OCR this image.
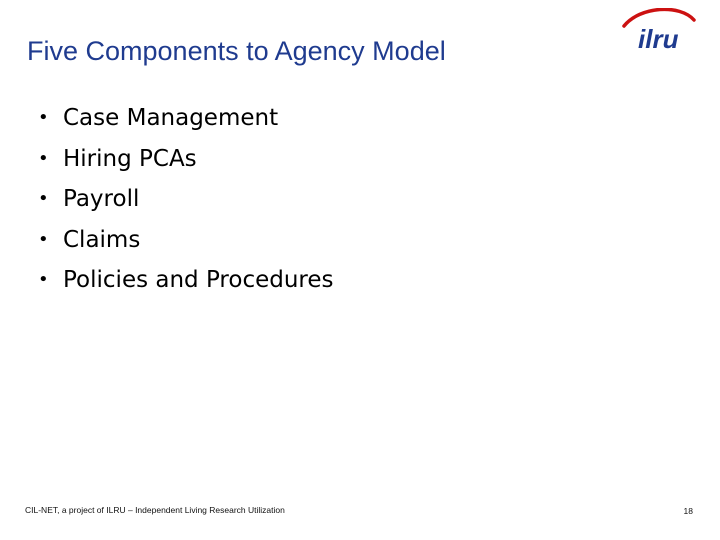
Five Components to Agency Model	ilru
• Case Management
• Hiring PCAs
• Payroll
• Claims
• Policies and Procedures
CIL-NET, a project of ILRU – Independent Living Research Utilization	18
